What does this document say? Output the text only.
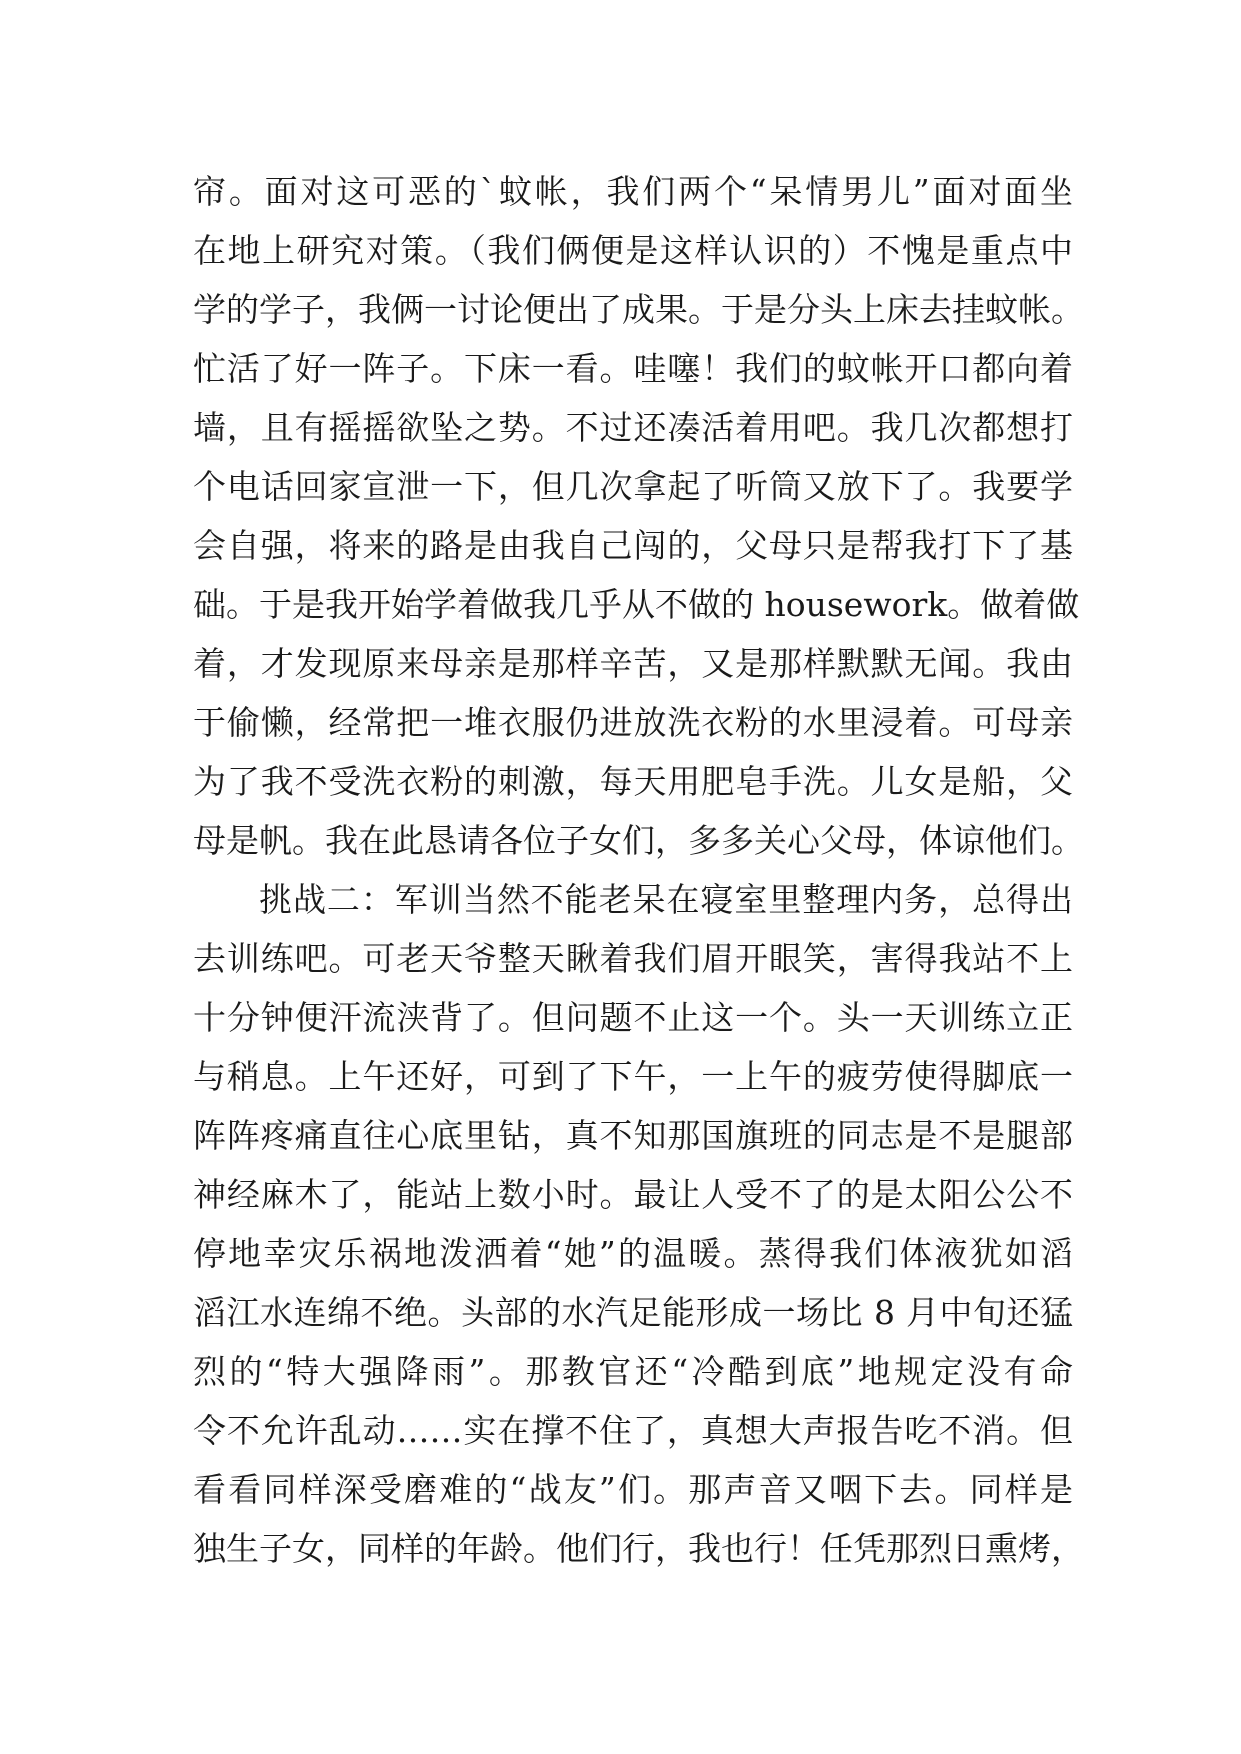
帘。面对这可恶的`蚊帐，我们两个“呆情男儿”面对面坐
在地上研究对策。（我们俩便是这样认识的）不愧是重点中
学的学子，我俩一讨论便出了成果。于是分头上床去挂蚊帐。
忙活了好一阵子。下床一看。哇噻！我们的蚊帐开口都向着
墙，且有摇摇欲坠之势。不过还凑活着用吧。我几次都想打
个电话回家宣泄一下，但几次拿起了听筒又放下了。我要学
会自强，将来的路是由我自己闯的，父母只是帮我打下了基
础。于是我开始学着做我几乎从不做的 housework。做着做
着，才发现原来母亲是那样辛苦，又是那样默默无闻。我由
于偷懒，经常把一堆衣服仍进放洗衣粉的水里浸着。可母亲
为了我不受洗衣粉的刺激，每天用肥皂手洗。儿女是船，父
母是帆。我在此恳请各位子女们，多多关心父母，体谅他们。
挑战二：军训当然不能老呆在寝室里整理内务，总得出
去训练吧。可老天爷整天瞅着我们眉开眼笑，害得我站不上
十分钟便汗流浃背了。但问题不止这一个。头一天训练立正
与稍息。上午还好，可到了下午，一上午的疲劳使得脚底一
阵阵疼痛直往心底里钻，真不知那国旗班的同志是不是腿部
神经麻木了，能站上数小时。最让人受不了的是太阳公公不
停地幸灾乐祸地泼洒着“她”的温暖。蒸得我们体液犹如滔
滔江水连绵不绝。头部的水汽足能形成一场比 8 月中旬还猛
烈的“特大强降雨”。那教官还“冷酷到底”地规定没有命
令不允许乱动……实在撑不住了，真想大声报告吃不消。但
看看同样深受磨难的“战友”们。那声音又咽下去。同样是
独生子女，同样的年龄。他们行，我也行！任凭那烈日熏烤，
